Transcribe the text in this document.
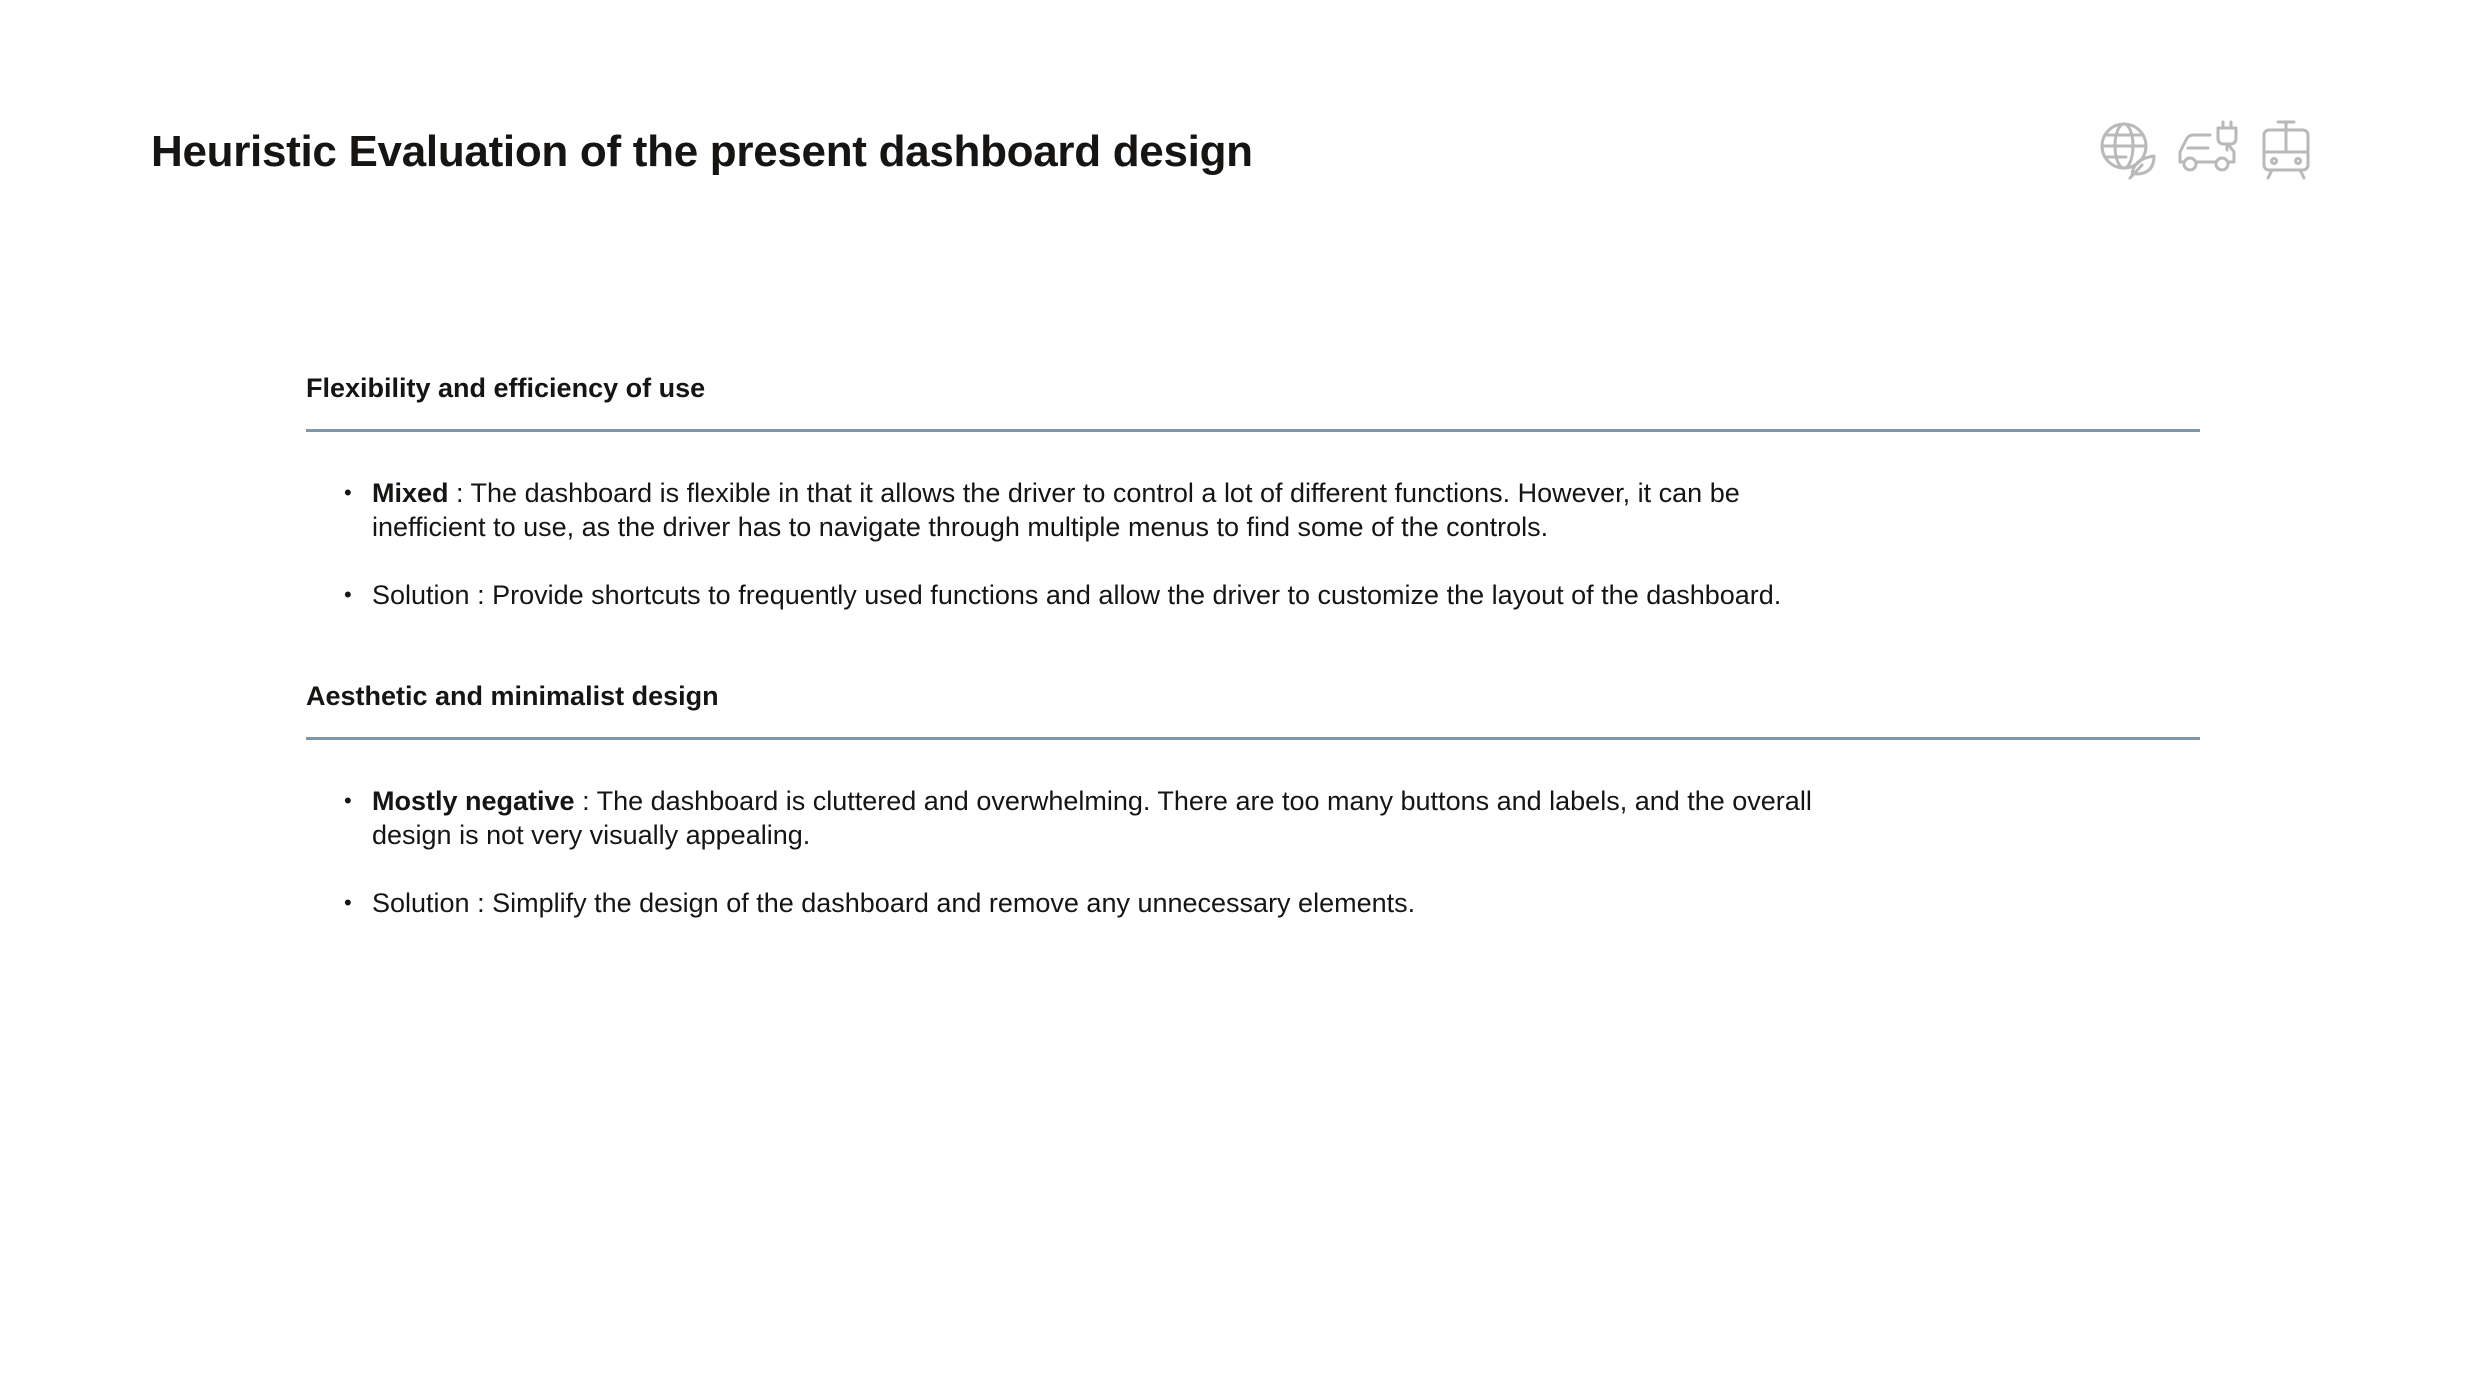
Heuristic Evaluation of the present dashboard design
Flexibility and efficiency of use
• Mixed : The dashboard is flexible in that it allows the driver to control a lot of different functions. However, it can be inefficient to use, as the driver has to navigate through multiple menus to find some of the controls.
• Solution : Provide shortcuts to frequently used functions and allow the driver to customize the layout of the dashboard.
Aesthetic and minimalist design
• Mostly negative : The dashboard is cluttered and overwhelming. There are too many buttons and labels, and the overall design is not very visually appealing.
• Solution : Simplify the design of the dashboard and remove any unnecessary elements.
